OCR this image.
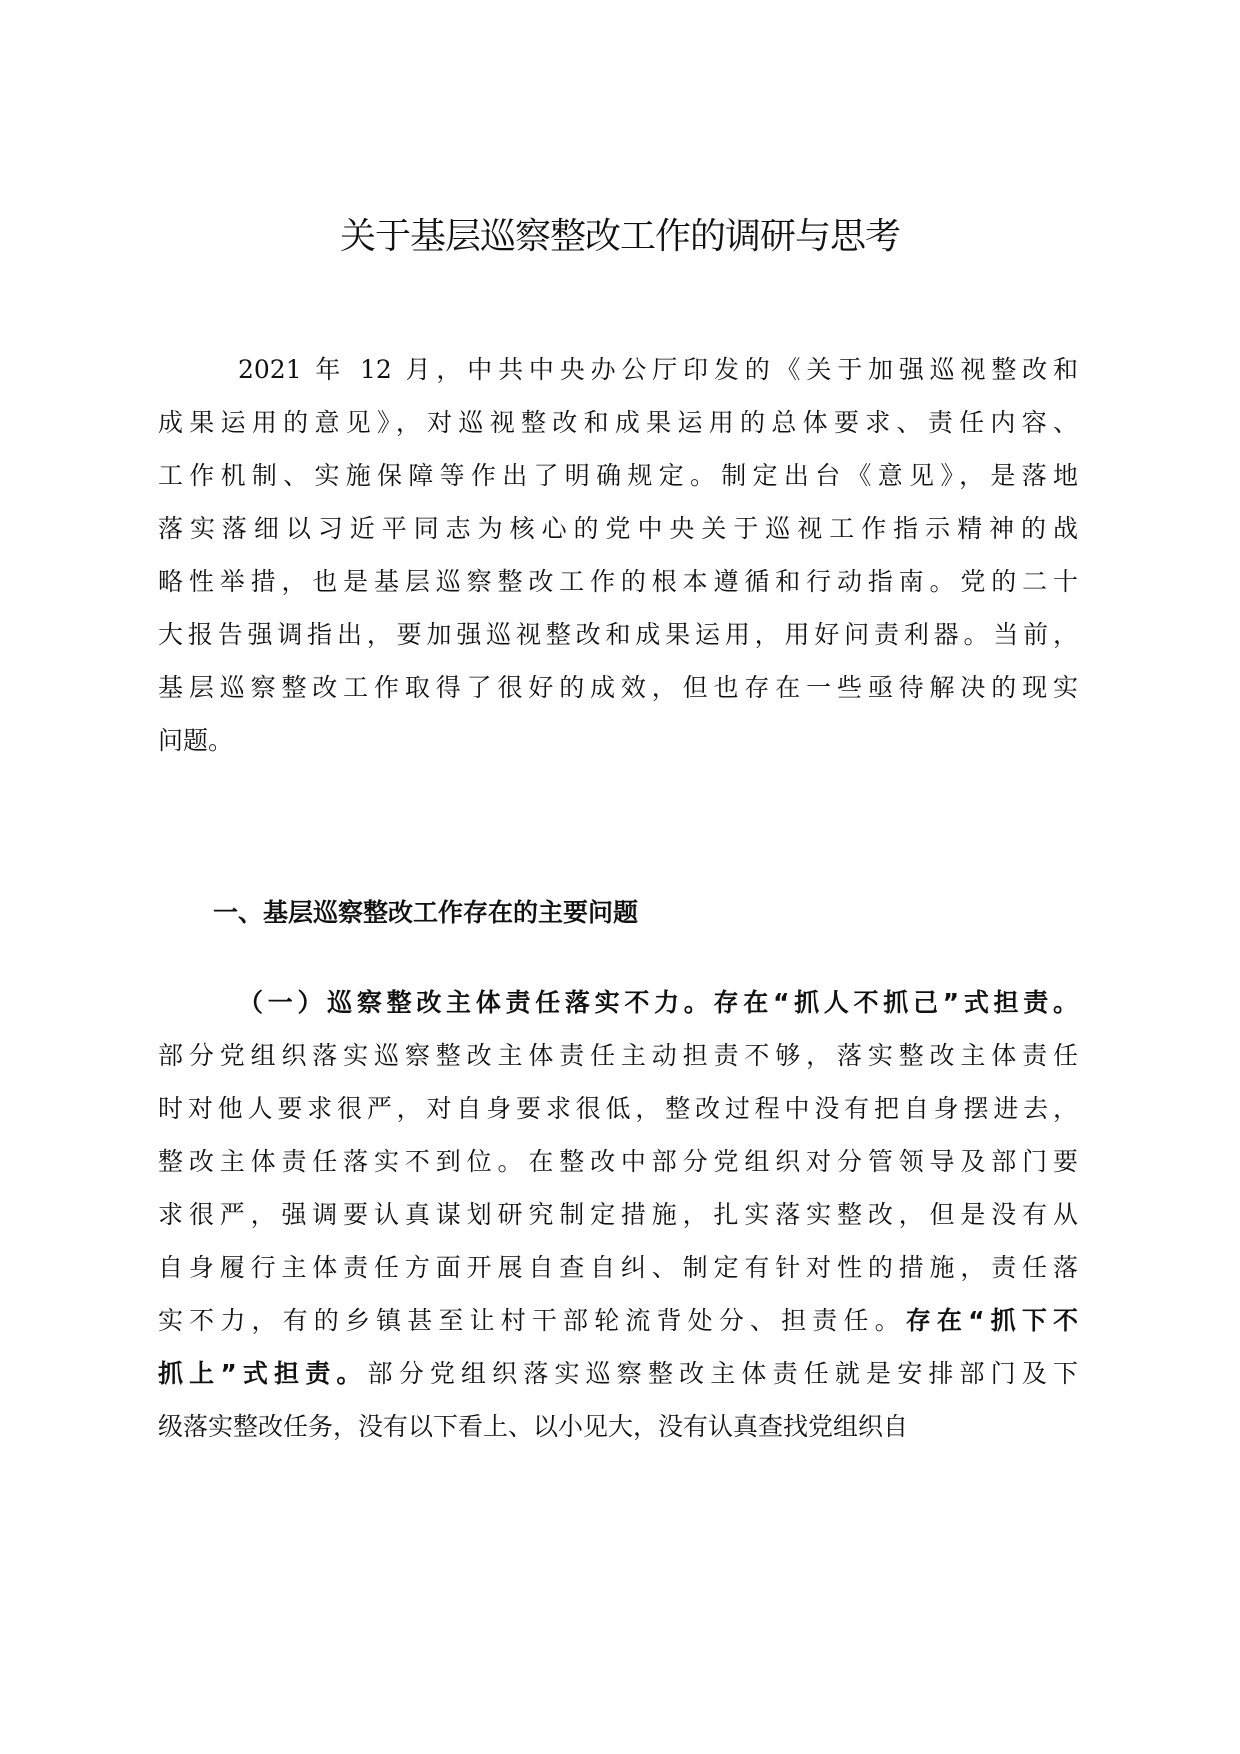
关于基层巡察整改工作的调研与思考
2021 年 12 月，中共中央办公厅印发的《关于加强巡视整改和
成果运用的意见》，对巡视整改和成果运用的总体要求、责任内容、
工作机制、实施保障等作出了明确规定。制定出台《意见》，是落地
落实落细以习近平同志为核心的党中央关于巡视工作指示精神的战
略性举措，也是基层巡察整改工作的根本遵循和行动指南。党的二十
大报告强调指出，要加强巡视整改和成果运用，用好问责利器。当前，
基层巡察整改工作取得了很好的成效，但也存在一些亟待解决的现实
问题。
一、基层巡察整改工作存在的主要问题
（一）巡察整改主体责任落实不力。存在“抓人不抓己”式担责。
部分党组织落实巡察整改主体责任主动担责不够，落实整改主体责任
时对他人要求很严，对自身要求很低，整改过程中没有把自身摆进去，
整改主体责任落实不到位。在整改中部分党组织对分管领导及部门要
求很严，强调要认真谋划研究制定措施，扎实落实整改，但是没有从
自身履行主体责任方面开展自查自纠、制定有针对性的措施，责任落
实不力，有的乡镇甚至让村干部轮流背处分、担责任。存在“抓下不
抓上”式担责。部分党组织落实巡察整改主体责任就是安排部门及下
级落实整改任务，没有以下看上、以小见大，没有认真查找党组织自
